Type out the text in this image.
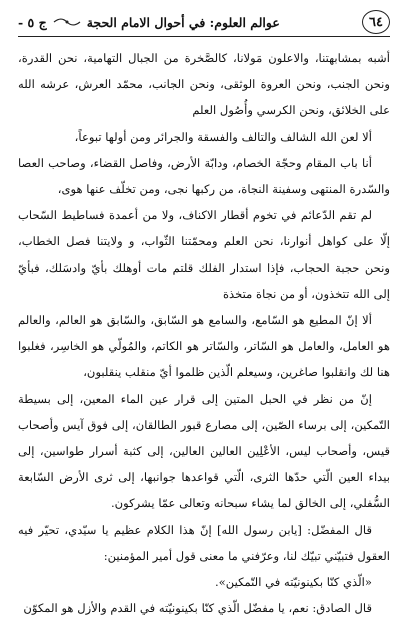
٦٤
عوالم العلوم: في أحوال الامام الحجة
ج ٥ -

أشبه بمشابهتنا، والاعلون مَولانا، كالصَّخرة من الجبال التهامية، نحن القدرة، ونحن الجنب، ونحن العروة الوثقى، ونحن الجانب، محمّد العرش، عرشه الله على الخلائق، ونحن الكرسي وأُصُول العلم

ألا لعن الله الشالف والتالف والفسقة والجرائر ومن أولها تبوعاً،

أنا باب المقام وحجّة الخصام، ودابّة الأرض، وفاصل القضاء، وصاحب العصا والسّدرة المنتهى وسفينة النجاة، من ركبها نجى، ومن تخلّف عنها هوى،

لم تقم الدّعائم في تخوم أقطار الاكناف، ولا من أعمدة فساطيط السّحاب إلّا على كواهل أنوارنا، نحن العلم ومحمّتنا الثّواب، و ولايتنا فصل الخطاب، ونحن حجبة الحجاب، فإذا استدار الفلك قلتم مات أوهلك بأيّ وادسَلك، فبأيّ إلى الله تتخذون، أو من نجاة متخذة

ألا إنّ المطيع هو السّامع، والسامع هو السّابق، والسّابق هو العالم، والعالم هو العامل، والعامل هو السّاتر، والسّاتر هو الكاتم، والمُولّي هو الخاسِر، فغلبوا هنا لك وانقلبوا صاغرين، وسيعلم الّذين ظلموا أيّ منقلب ينقلبون،

إنّ من نظر في الحبل المتين إلى قرار عين الماء المعين، إلى بسيطة التّمكين، إلى برساء الصّين، إلى مصارع قبور الطالقان، إلى فوق آيس وأصحاب قيس، وأصحاب ليس، الأعْلِين العالين العالين، إلى كثبة أسرار طواسين، إلى بيداء العين الّتي حدّها الثرى، الّتي قواعدها جوانبها، إلى ثرى الأرض السّابعة السُّفلي، إلى الخالق لما يشاء سبحانه وتعالى عمّا يشركون.

قال المفضّل: [يابن رسول الله] إنّ هذا الكلام عظيم يا سيّدي، تحيّر فيه العقول فتبيّني تبيّك لنا، وعرّفني ما معنى قول أمير المؤمنين:

«الّذي كنّا بكينونيّته في التّمكين».

قال الصادق: نعم، يا مفضّل الّذي كنّا بكينونيّته في القدم والأزل هو المكوّن
